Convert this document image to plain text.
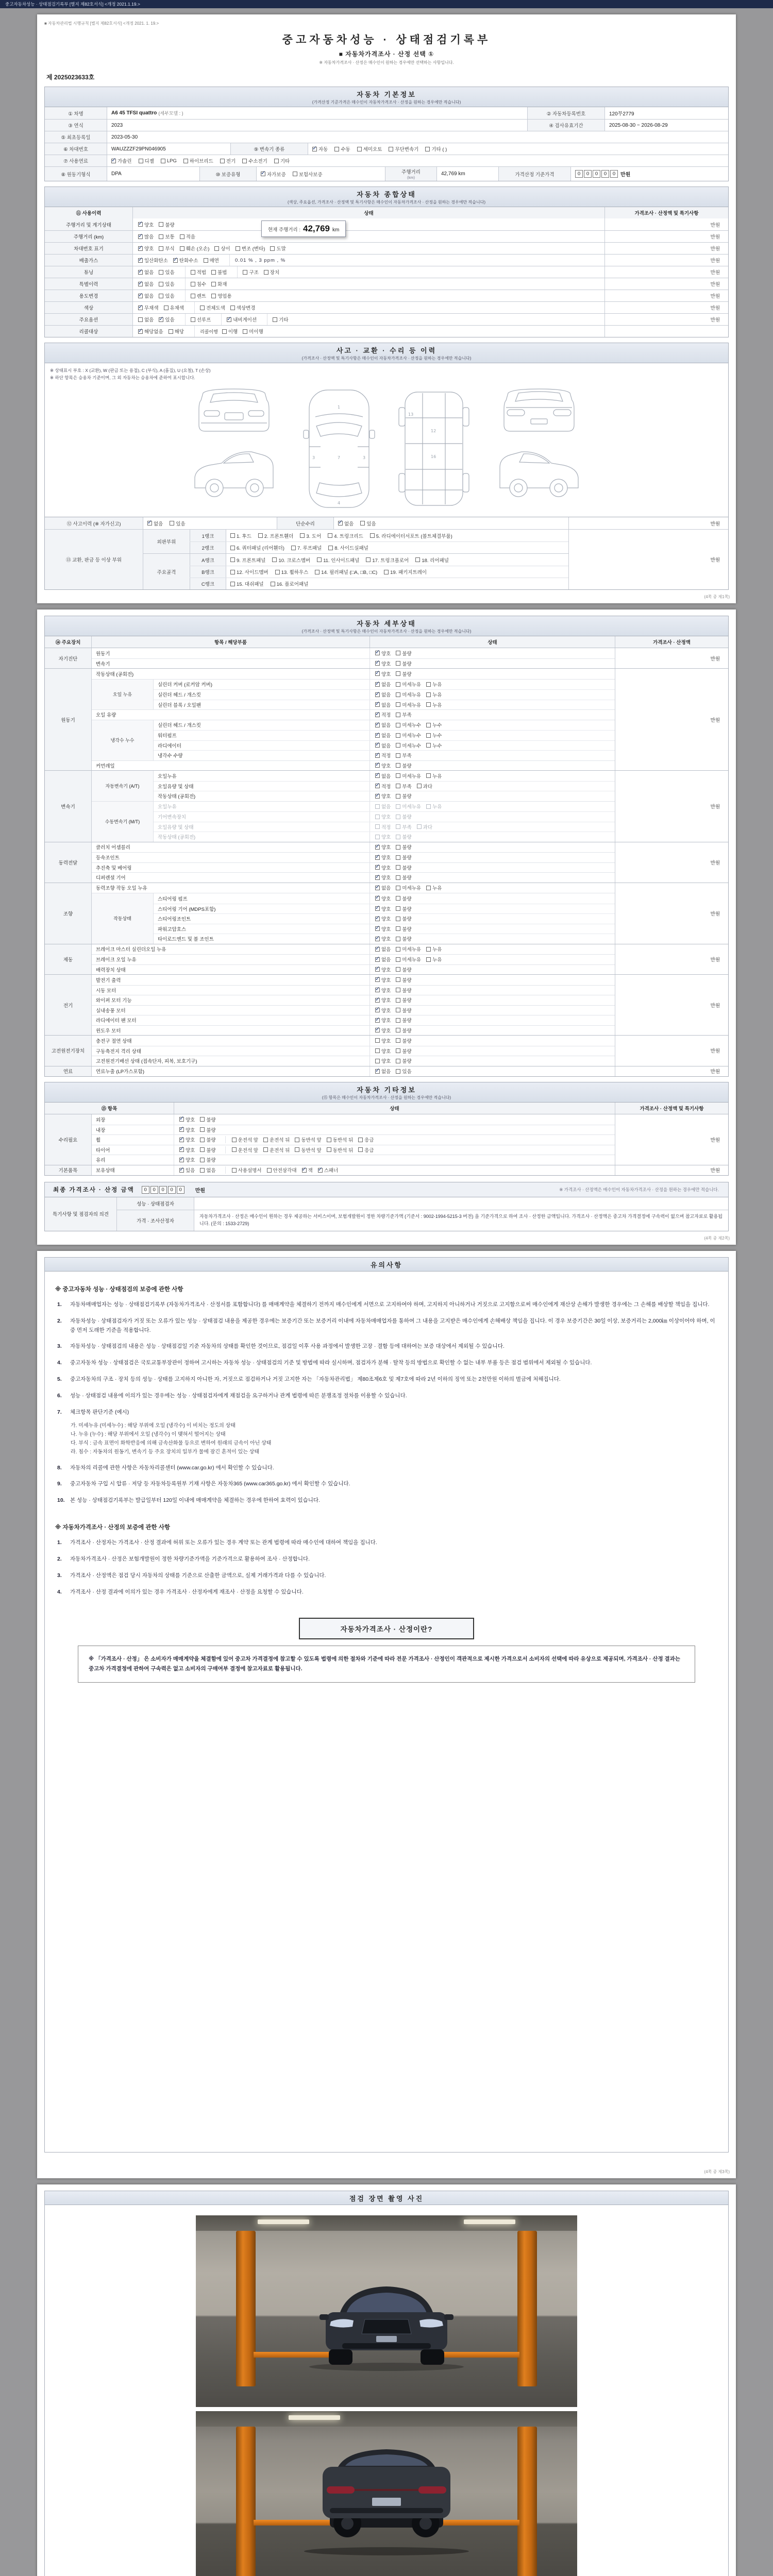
중고자동차성능 · 상태점검기록부 [별지 제82호서식] <개정 2021.1.19.>
■ 자동차관리법 시행규칙 [별지 제82호서식] <개정 2021. 1. 19.>
중고자동차성능 · 상태점검기록부
■ 자동차가격조사 · 산정 선택 ①
※ 자동차가격조사 · 산정은 매수인이 원하는 경우에만 선택하는 사항입니다.
제 2025023633호
자동차 기본정보
(가격산정 기준가격은 매수인이 자동차가격조사 · 산정을 원하는 경우에만 적습니다)
① 차명	A6 45 TFSI quattro (세부모델 : )	② 자동차등록번호	120무2779
③ 연식	2023	④ 검사유효기간	2025-08-30 ~ 2026-08-29
⑤ 최초등록일	2023-05-30
⑥ 차대번호	WAUZZZF29PN046905	⑨ 변속기 종류 ✓	자동	수동	세미오토	무단변속기	기타 ( )
⑦ 사용연료 ✓	가솔린	디젤	LPG	하이브리드	전기	수소전기	기타
⑧ 원동기형식	DPA	⑩ 보증유형 ✓	자가보증	보험사보증	주행거리
(km)
42,769 km	가격산정 기준가격	0 0 0 0 0 만원
자동차 종합상태
(색상, 주요옵션, 가격조사 · 산정액 및 특기사항은 매수인이 자동차가격조사 · 산정을 원하는 경우에만 적습니다)
⑪ 사용이력	상태	가격조사 · 산정액 및 특기사항
주행거리 및 계기상태 ✓	양호 불량	만원
주행거리 (km) ✓	많음 보통 적음	만원
차대번호 표기 ✓	양호 부식 훼손 (오손) 상이 변조 (변타) 도말	만원
배출가스 ✓	일산화탄소 ✓ 탄화수소 매연	0.01 % , 3 ppm , %	만원
튜닝 ✓	없음 있음	적법 불법	구조 장치	만원
특별이력 ✓	없음 있음	침수 화재	만원
용도변경 ✓	없음 있음	렌트 영업용	만원
색상 ✓	무채색 유채색	전체도색 색상변경	만원
주요옵션	없음 ✓ 있음	선루프 ✓	내비게이션	기타	만원
리콜대상 ✓	해당없음 해당	리콜이행 이행 미이행
현재 주행거리 : 42,769 km
사고 · 교환 · 수리 등 이력
(가격조사 · 산정액 및 특기사항은 매수인이 자동차가격조사 · 산정을 원하는 경우에만 적습니다)
※ 상태표시 부호 : X (교환), W (판금 또는 용접), C (부식), A (흠집), U (요철), T (손상)
※ 하단 항목은 승용차 기준이며, 그 외 자동차는 승용차에 준하여 표시합니다.
1
7
4
3	3
12
16
13
⑫ 사고이력 (※ 자가신고) ✓	없음	있음	단순수리 ✓	없음	있음	만원
⑬ 교환, 판금 등 이상 부위
외판부위
1랭크	1. 후드	2. 프론트휀더	3. 도어	4. 트렁크리드	5. 라디에이터서포트 (볼트체결부품)
2랭크	6. 쿼터패널 (리어휀더)	7. 루프패널	8. 사이드실패널
주요골격
A랭크	9. 프론트패널	10. 크로스멤버	11. 인사이드패널	17. 트렁크플로어	18. 리어패널
B랭크	12. 사이드멤버	13. 휠하우스	14. 필러패널 (□A, □B, □C)	19. 패키지트레이
C랭크	15. 대쉬패널	16. 플로어패널
만원
(4쪽 중 제1쪽)
자동차 세부상태
(가격조사 · 산정액 및 특기사항은 매수인이 자동차가격조사 · 산정을 원하는 경우에만 적습니다)
⑭ 주요장치	항목 / 해당부품	상태	가격조사 · 산정액
자기진단
원동기 ✓	양호 불량
변속기 ✓	양호 불량
만원
원동기
작동상태 (공회전) ✓	양호 불량
오일 누유
실린더 커버 (로커암 커버) ✓	없음 미세누유 누유
실린더 헤드 / 개스킷 ✓	없음 미세누유 누유
실린더 블록 / 오일팬 ✓	없음 미세누유 누유
오일 유량 ✓	적정 부족
냉각수 누수
실린더 헤드 / 개스킷 ✓	없음 미세누수 누수
워터펌프 ✓	없음 미세누수 누수
라디에이터 ✓	없음 미세누수 누수
냉각수 수량 ✓	적정 부족
커먼레일 ✓	양호 불량
만원
변속기
자동변속기 (A/T)
오일누유 ✓	없음 미세누유 누유
오일유량 및 상태 ✓	적정 부족 과다
작동상태 (공회전) ✓	양호 불량
수동변속기 (M/T)
오일누유	없음 미세누유 누유
기어변속장치	양호 불량
오일유량 및 상태	적정 부족 과다
작동상태 (공회전)	양호 불량
만원
동력전달
클러치 어셈블리 ✓	양호 불량
등속조인트 ✓	양호 불량
추진축 및 베어링 ✓	양호 불량
디퍼렌셜 기어 ✓	양호 불량
만원
조향
동력조향 작동 오일 누유 ✓	없음 미세누유 누유
작동상태
스티어링 펌프 ✓	양호 불량
스티어링 기어 (MDPS포함) ✓	양호 불량
스티어링조인트 ✓	양호 불량
파워고압호스 ✓	양호 불량
타이로드엔드 및 볼 조인트 ✓	양호 불량
만원
제동
브레이크 마스터 실린더오일 누유 ✓	없음 미세누유 누유
브레이크 오일 누유 ✓	없음 미세누유 누유
배력장치 상태 ✓	양호 불량
만원
전기
발전기 출력 ✓	양호 불량
시동 모터 ✓	양호 불량
와이퍼 모터 기능 ✓	양호 불량
실내송풍 모터 ✓	양호 불량
라디에이터 팬 모터 ✓	양호 불량
윈도우 모터 ✓	양호 불량
만원
고전원전기장치
충전구 절연 상태	양호 불량
구동축전지 격리 상태	양호 불량
고전원전기배선 상태 (접속단자, 피복, 보호기구)	양호 불량
만원
연료	연료누출 (LP가스포함) ✓	없음 있음	만원
자동차 기타정보
(⑮ 항목은 매수인이 자동차가격조사 · 산정을 원하는 경우에만 적습니다)
⑮ 항목	상태	가격조사 · 산정액 및 특기사항
수리필요
외장 ✓	양호 불량
내장 ✓	양호 불량
휠 ✓	양호 불량	운전석 앞 운전석 뒤 동반석 앞 동반석 뒤 응급
타이어 ✓	양호 불량	운전석 앞 운전석 뒤 동반석 앞 동반석 뒤 응급
유리 ✓	양호 불량
만원
기본품목	보유상태 ✓	있음 없음	사용설명서 안전삼각대 ✓ 잭 ✓ 스패너	만원
최종 가격조사 · 산정 금액	0	0	0	0	0	만원	※ 가격조사 · 산정액은 매수인이 자동차가격조사 · 산정을 원하는 경우에만 적습니다.
특기사항 및 점검자의 의견
성능 · 상태점검자
가격 · 조사산정자
자동차가격조사 · 산정은 매수인이 원하는 경우 제공하는 서비스이며, 보험개발원이 정한 차량기준가액 (기준서 : 9002-1994-5215-3 버전) 을 기준가격으로 하여 조사 · 산정한 금액입니다. 가격조사 · 산정액은 중고차 가격결정에 구속력이 없으며 참고자료로 활용됩니다. (문의 : 1533-2729)
(4쪽 중 제2쪽)
유의사항
※ 중고자동차 성능 · 상태점검의 보증에 관한 사항
1.	자동차매매업자는 성능 · 상태점검기록부 (자동차가격조사 · 산정서를 포함합니다) 를 매매계약을 체결하기 전까지 매수인에게 서면으로 고지하여야 하며, 고지하지 아니하거나 거짓으로 고지함으로써 매수인에게 재산상 손해가 발생한 경우에는 그 손해를 배상할 책임을 집니다.
2.	자동차성능 · 상태점검자가 거짓 또는 오류가 있는 성능 · 상태점검 내용을 제공한 경우에는 보증기간 또는 보증거리 이내에 자동차매매업자를 통하여 그 내용을 고지받은 매수인에게 손해배상 책임을 집니다. 이 경우 보증기간은 30일 이상, 보증거리는 2,000㎞ 이상이어야 하며, 이 중 먼저 도래한 기준을 적용합니다.
3.	자동차성능 · 상태점검의 내용은 성능 · 상태점검일 기준 자동차의 상태를 확인한 것이므로, 점검일 이후 사용 과정에서 발생한 고장 · 결함 등에 대하여는 보증 대상에서 제외될 수 있습니다.
4.	중고자동차 성능 · 상태점검은 국토교통부장관이 정하여 고시하는 자동차 성능 · 상태점검의 기준 및 방법에 따라 실시하며, 점검자가 분해 · 탈착 등의 방법으로 확인할 수 없는 내부 부품 등은 점검 범위에서 제외될 수 있습니다.
5.	중고자동차의 구조 · 장치 등의 성능 · 상태를 고지하지 아니한 자, 거짓으로 점검하거나 거짓 고지한 자는 「자동차관리법」 제80조제6호 및 제7호에 따라 2년 이하의 징역 또는 2천만원 이하의 벌금에 처해집니다.
6.	성능 · 상태점검 내용에 이의가 있는 경우에는 성능 · 상태점검자에게 재점검을 요구하거나 관계 법령에 따른 분쟁조정 절차를 이용할 수 있습니다.
7.	체크항목 판단기준 (예시)
가. 미세누유 (미세누수) : 해당 부위에 오일 (냉각수) 이 비치는 정도의 상태
나. 누유 (누수) : 해당 부위에서 오일 (냉각수) 이 맺혀서 떨어지는 상태
다. 부식 : 금속 표면이 화학반응에 의해 금속산화물 등으로 변하여 원래의 금속이 아닌 상태
라. 침수 : 자동차의 원동기, 변속기 등 주요 장치의 일부가 물에 잠긴 흔적이 있는 상태
8.	자동차의 리콜에 관한 사항은 자동차리콜센터 (www.car.go.kr) 에서 확인할 수 있습니다.
9.	중고자동차 구입 시 압류 · 저당 등 자동차등록원부 기재 사항은 자동차365 (www.car365.go.kr) 에서 확인할 수 있습니다.
10. 본 성능 · 상태점검기록부는 발급일부터 120일 이내에 매매계약을 체결하는 경우에 한하여 효력이 있습니다.
※ 자동차가격조사 · 산정의 보증에 관한 사항
1.	가격조사 · 산정자는 가격조사 · 산정 결과에 허위 또는 오류가 있는 경우 계약 또는 관계 법령에 따라 매수인에 대하여 책임을 집니다.
2.	자동차가격조사 · 산정은 보험개발원이 정한 차량기준가액을 기준가격으로 활용하여 조사 · 산정합니다.
3.	가격조사 · 산정액은 점검 당시 자동차의 상태를 기준으로 산출한 금액으로, 실제 거래가격과 다를 수 있습니다.
4.	가격조사 · 산정 결과에 이의가 있는 경우 가격조사 · 산정자에게 재조사 · 산정을 요청할 수 있습니다.
자동차가격조사 · 산정이란?
※ 「가격조사 · 산정」 은 소비자가 매매계약을 체결함에 있어 중고차 가격결정에 참고할 수 있도록 법령에 의한 절차와 기준에 따라 전문 가격조사 · 산정인이 객관적으로 제시한 가격으로서 소비자의 선택에 따라 유상으로 제공되며, 가격조사 · 산정 결과는 중고차 가격결정에 관하여 구속력은 없고 소비자의 구매여부 결정에 참고자료로 활용됩니다.
(4쪽 중 제3쪽)
점검 장면 촬영 사진
